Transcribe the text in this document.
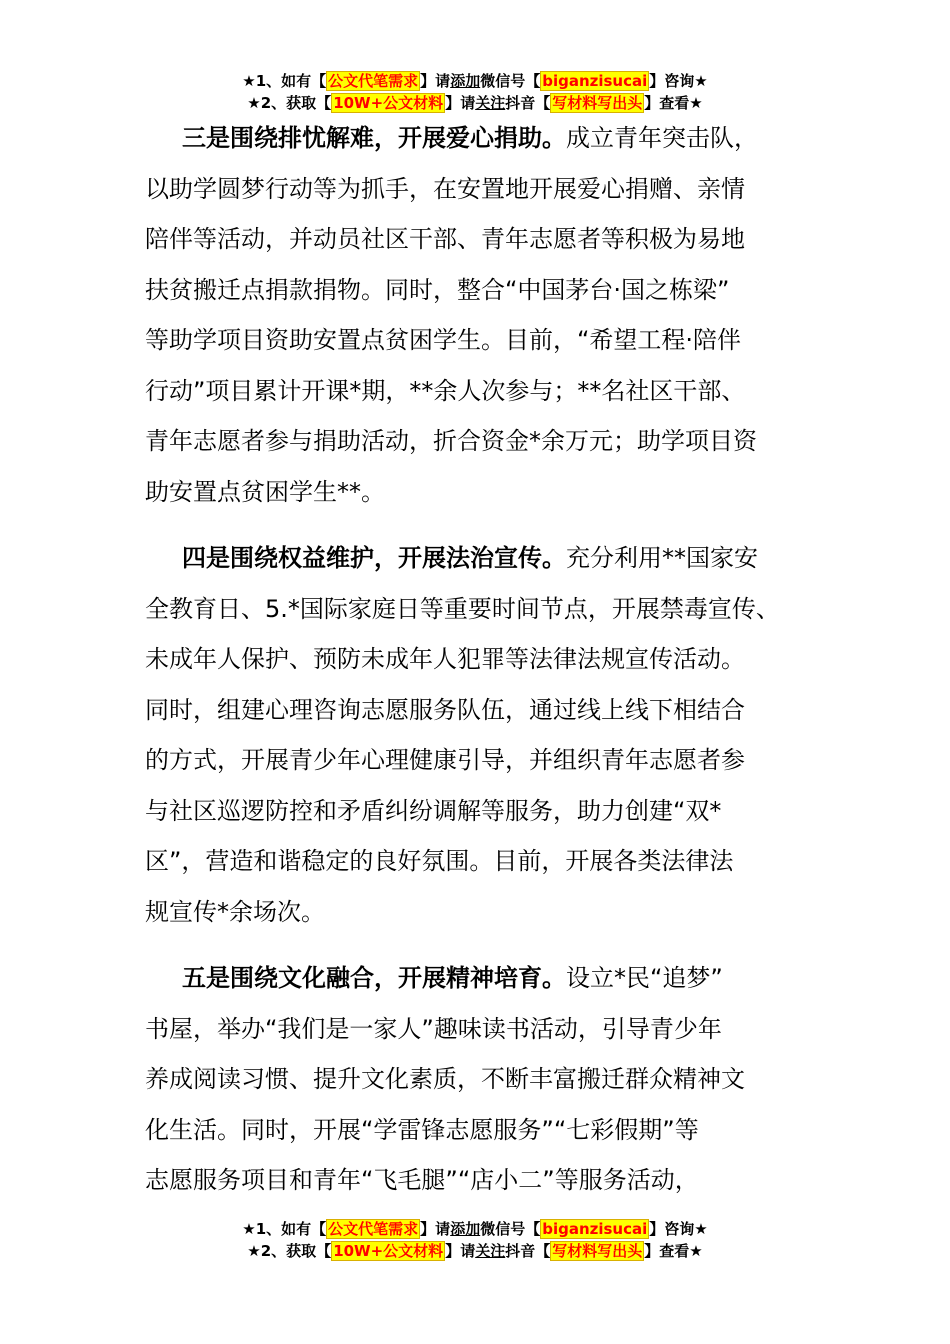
★1、如有【 公文代笔需求 】请添加微信号【 biganzisucai 】咨询★
★2、获取【 10W+公文材料 】请关注抖音【 写材料写出头 】查看★
三是围绕排忧解难，开展爱心捐助。成立青年突击队，
以助学圆梦行动等为抓手，在安置地开展爱心捐赠、亲情
陪伴等活动，并动员社区干部、青年志愿者等积极为易地
扶贫搬迁点捐款捐物。同时，整合“中国茅台·国之栋梁”
等助学项目资助安置点贫困学生。目前，“希望工程·陪伴
行动”项目累计开课*期，**余人次参与；**名社区干部、
青年志愿者参与捐助活动，折合资金*余万元；助学项目资
助安置点贫困学生**。
四是围绕权益维护，开展法治宣传。充分利用**国家安
全教育日、5.*国际家庭日等重要时间节点，开展禁毒宣传、
未成年人保护、预防未成年人犯罪等法律法规宣传活动。
同时，组建心理咨询志愿服务队伍，通过线上线下相结合
的方式，开展青少年心理健康引导，并组织青年志愿者参
与社区巡逻防控和矛盾纠纷调解等服务，助力创建“双*
区”，营造和谐稳定的良好氛围。目前，开展各类法律法
规宣传*余场次。
五是围绕文化融合，开展精神培育。设立*民“追梦”
书屋，举办“我们是一家人”趣味读书活动，引导青少年
养成阅读习惯、提升文化素质，不断丰富搬迁群众精神文
化生活。同时，开展“学雷锋志愿服务”“七彩假期”等
志愿服务项目和青年“飞毛腿”“店小二”等服务活动，
★1、如有【 公文代笔需求 】请添加微信号【 biganzisucai 】咨询★
★2、获取【 10W+公文材料 】请关注抖音【 写材料写出头 】查看★
